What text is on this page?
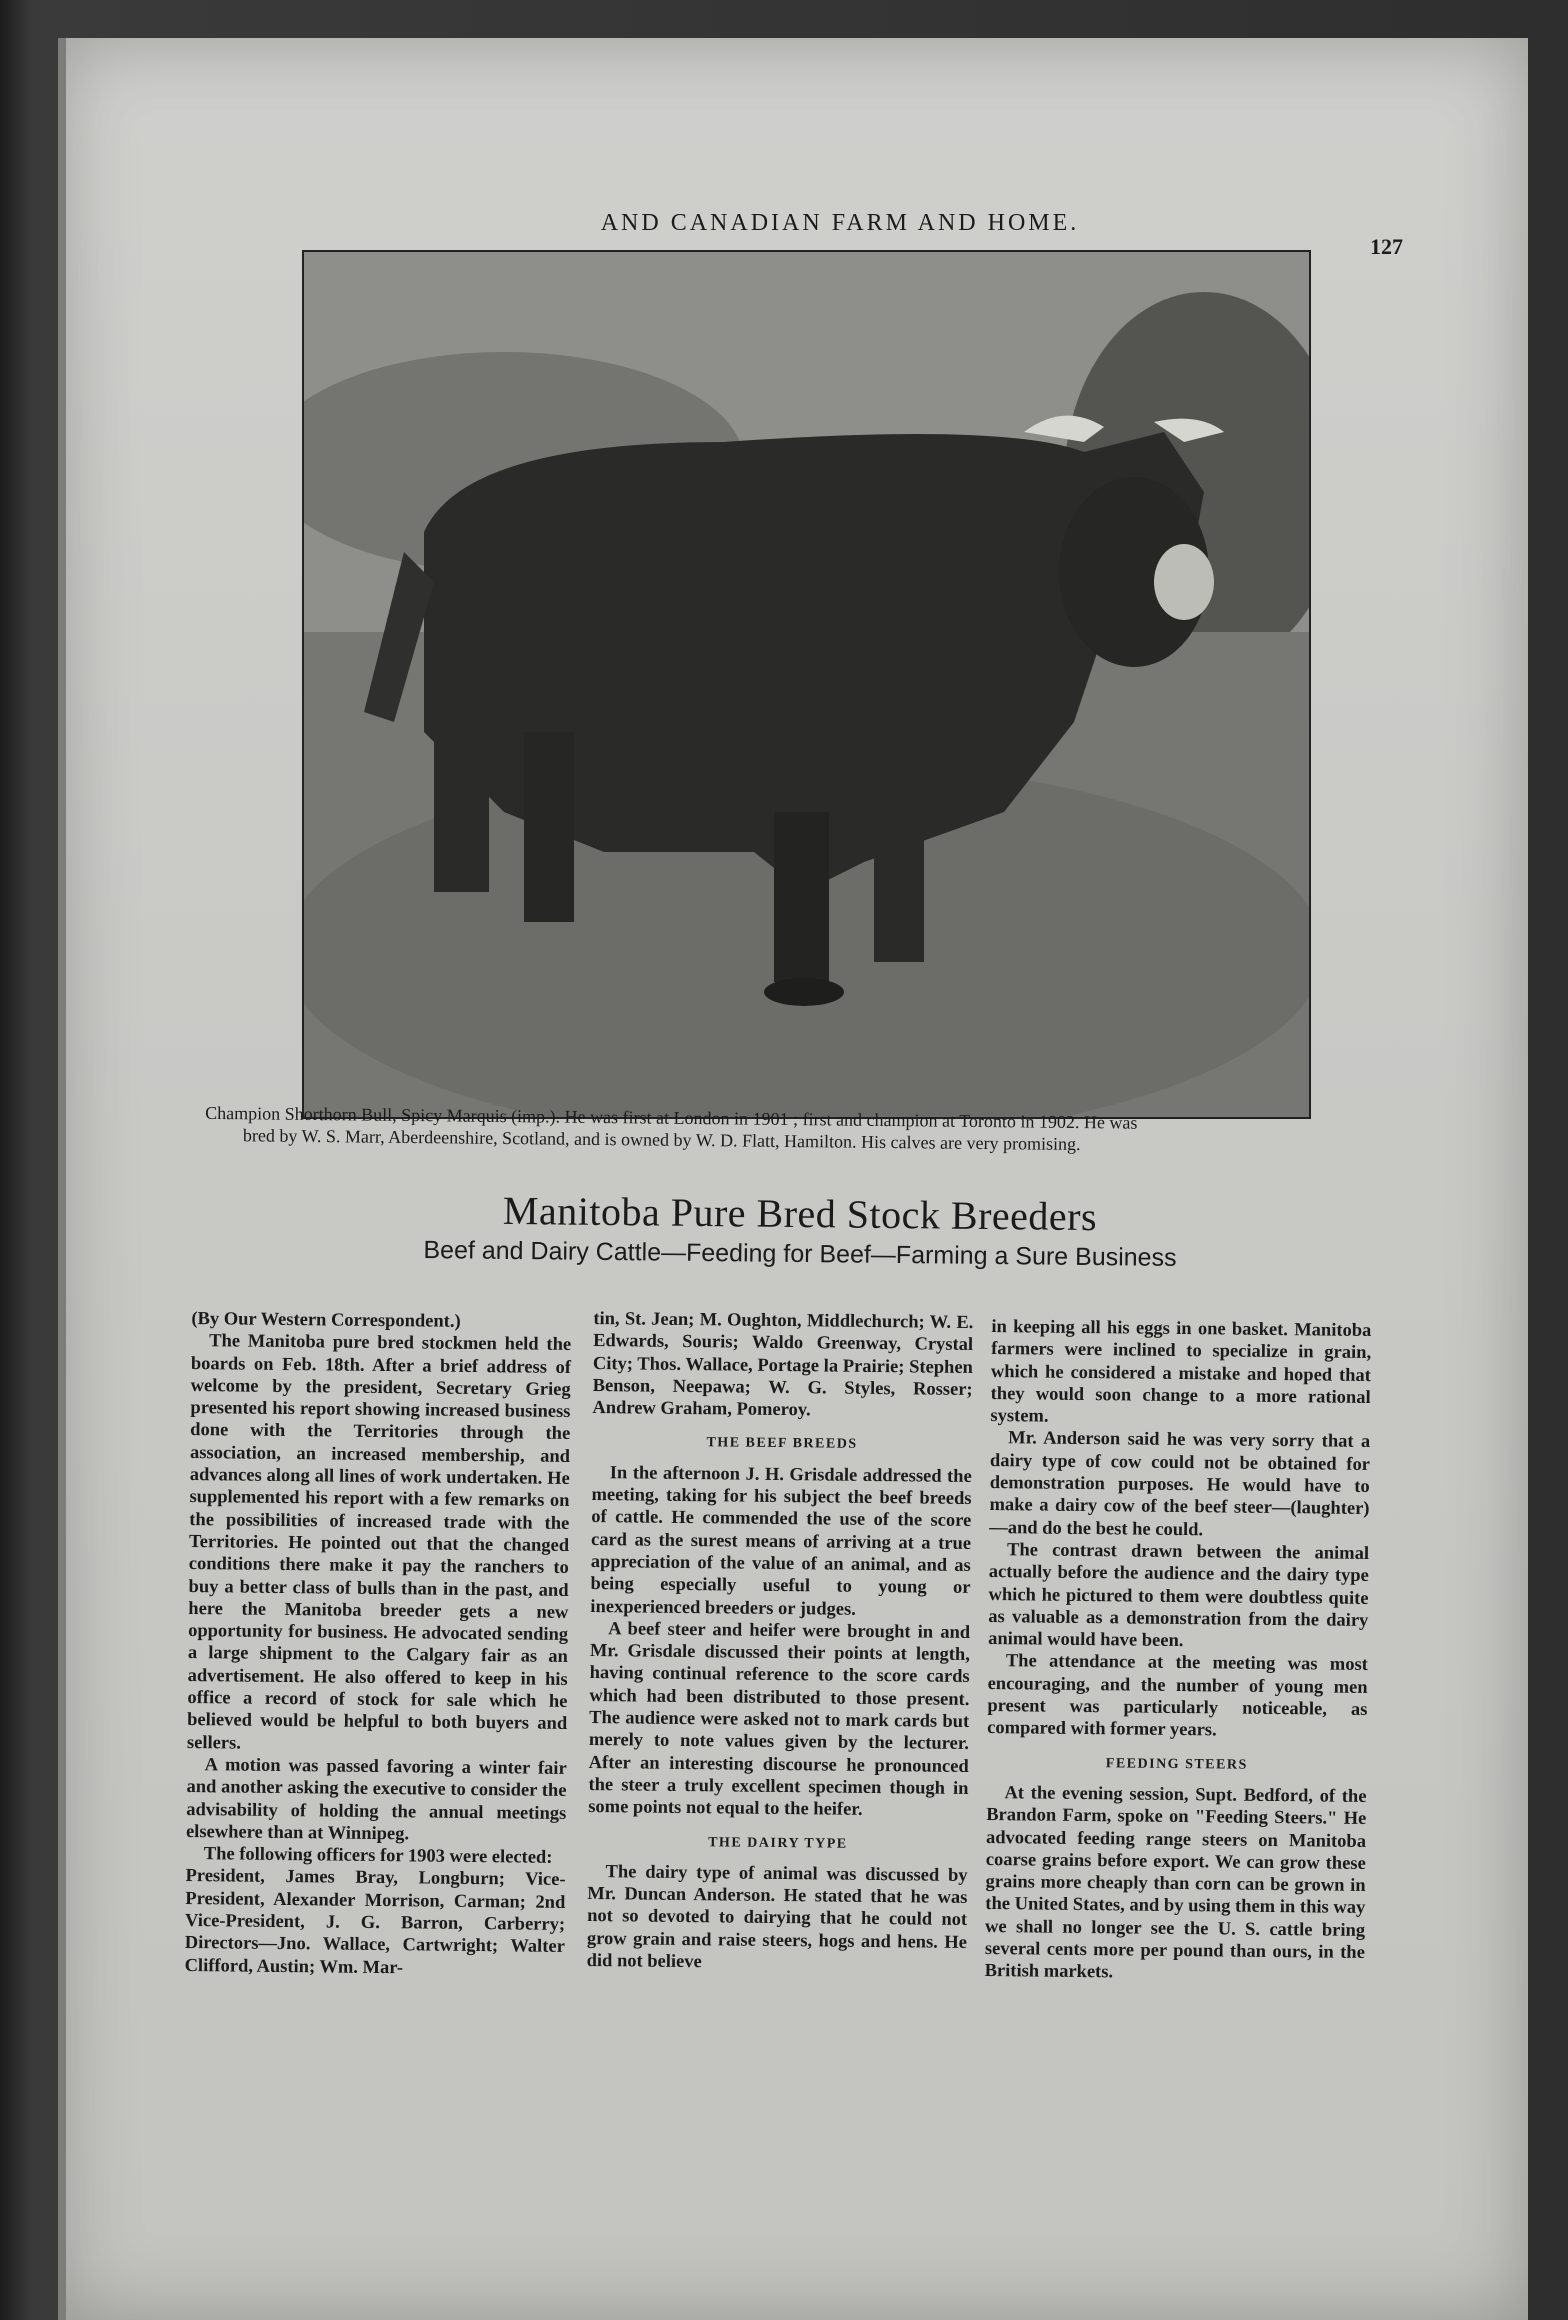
AND CANADIAN FARM AND HOME.
127
Champion Shorthorn Bull, Spicy Marquis (imp.). He was first at London in 1901 ; first and champion at Toronto in 1902. He was
bred by W. S. Marr, Aberdeenshire, Scotland, and is owned by W. D. Flatt, Hamilton. His calves are very promising.
Manitoba Pure Bred Stock Breeders
Beef and Dairy Cattle—Feeding for Beef—Farming a Sure Business

(By Our Western Correspondent.)

The Manitoba pure bred stockmen held the boards on Feb. 18th. After a brief address of welcome by the president, Secretary Grieg presented his report showing increased business done with the Territories through the association, an increased membership, and advances along all lines of work undertaken. He supplemented his report with a few remarks on the possibilities of increased trade with the Territories. He pointed out that the changed conditions there make it pay the ranchers to buy a better class of bulls than in the past, and here the Manitoba breeder gets a new opportunity for business. He advocated sending a large shipment to the Calgary fair as an advertisement. He also offered to keep in his office a record of stock for sale which he believed would be helpful to both buyers and sellers.

A motion was passed favoring a winter fair and another asking the executive to consider the advisability of holding the annual meetings elsewhere than at Winnipeg.

The following officers for 1903 were elected:

President, James Bray, Longburn; Vice-President, Alexander Morrison, Carman; 2nd Vice-President, J. G. Barron, Carberry; Directors—Jno. Wallace, Cartwright; Walter Clifford, Austin; Wm. Mar-

tin, St. Jean; M. Oughton, Middlechurch; W. E. Edwards, Souris; Waldo Greenway, Crystal City; Thos. Wallace, Portage la Prairie; Stephen Benson, Neepawa; W. G. Styles, Rosser; Andrew Graham, Pomeroy.

THE BEEF BREEDS

In the afternoon J. H. Grisdale addressed the meeting, taking for his subject the beef breeds of cattle. He commended the use of the score card as the surest means of arriving at a true appreciation of the value of an animal, and as being especially useful to young or inexperienced breeders or judges.

A beef steer and heifer were brought in and Mr. Grisdale discussed their points at length, having continual reference to the score cards which had been distributed to those present. The audience were asked not to mark cards but merely to note values given by the lecturer. After an interesting discourse he pronounced the steer a truly excellent specimen though in some points not equal to the heifer.

THE DAIRY TYPE

The dairy type of animal was discussed by Mr. Duncan Anderson. He stated that he was not so devoted to dairying that he could not grow grain and raise steers, hogs and hens. He did not believe

in keeping all his eggs in one basket. Manitoba farmers were inclined to specialize in grain, which he considered a mistake and hoped that they would soon change to a more rational system.

Mr. Anderson said he was very sorry that a dairy type of cow could not be obtained for demonstration purposes. He would have to make a dairy cow of the beef steer—(laughter)—and do the best he could.

The contrast drawn between the animal actually before the audience and the dairy type which he pictured to them were doubtless quite as valuable as a demonstration from the dairy animal would have been.

The attendance at the meeting was most encouraging, and the number of young men present was particularly noticeable, as compared with former years.

FEEDING STEERS

At the evening session, Supt. Bedford, of the Brandon Farm, spoke on "Feeding Steers." He advocated feeding range steers on Manitoba coarse grains before export. We can grow these grains more cheaply than corn can be grown in the United States, and by using them in this way we shall no longer see the U. S. cattle bring several cents more per pound than ours, in the British markets.
